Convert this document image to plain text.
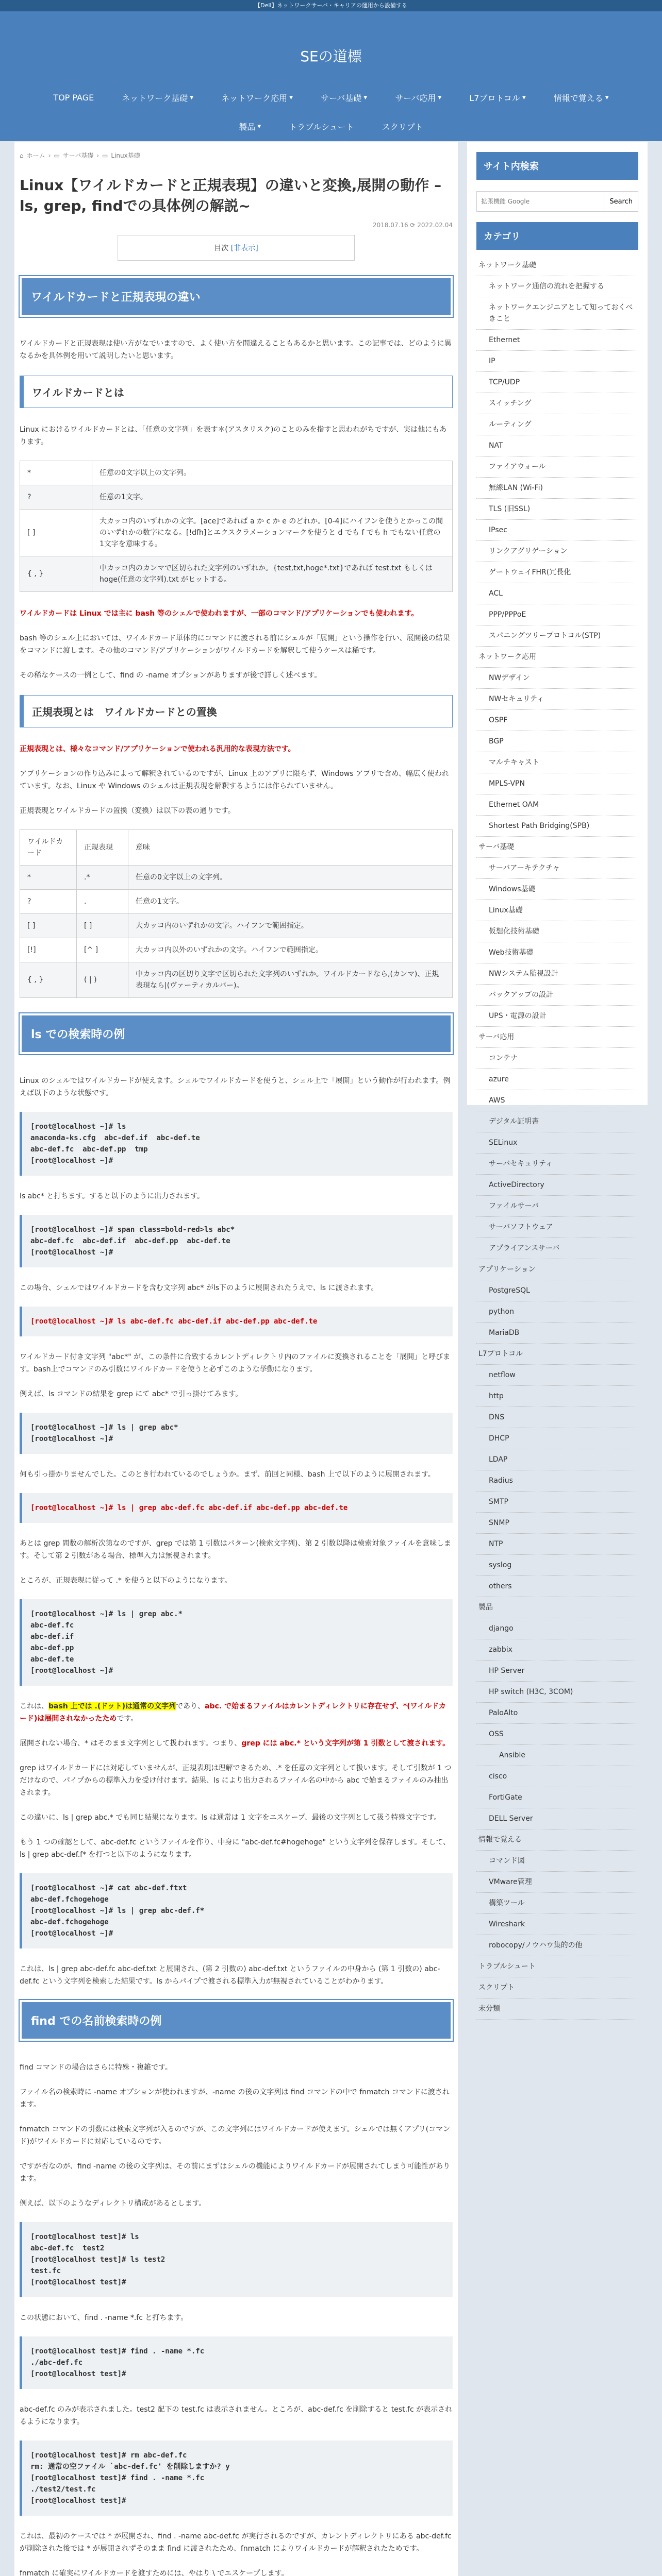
【Dell】ネットワークサーバ・キャリアの運用から設備する
SEの道標
TOP PAGE	ネットワーク基礎 ▼	ネットワーク応用 ▼	サーバ基礎 ▼	サーバ応用 ▼	L7プロトコル ▼	情報で覚える ▼
製品 ▼	トラブルシュート	スクリプト
⌂ ホーム › ▭ サーバ基礎 › ▭ Linux基礎
Linux【ワイルドカードと正規表現】の違いと変換,展開の動作 – ls, grep, findでの具体例の解説~
2018.07.16 ⟳ 2022.02.04
目次 [非表示]
ワイルドカードと正規表現の違い

ワイルドカードと正規表現は使い方がなでいますので、よく使い方を間違えることもあるかと思います。この記事では、どのように異なるかを具体例を用いて説明したいと思います。

ワイルドカードとは

Linux におけるワイルドカードとは、「任意の文字列」を表す＊(アスタリスク)のことのみを指すと思われがちですが、実は他にもあります。

*	任意の0文字以上の文字列。
?	任意の1文字。
[ ]	大カッコ内のいずれかの文字。[ace]であれば a か c か e のどれか。[0-4]にハイフンを使うとかっこの間のいずれかの数字になる。[!dfh]とエクスクラメーションマークを使うと d でも f でも h でもない任意の1文字を意味する。
{ , }	中カッコ内のカンマで区切られた文字列のいずれか。{test,txt,hoge*.txt}であれば test.txt もしくは hoge(任意の文字列).txt がヒットする。

ワイルドカードは Linux では主に bash 等のシェルで使われますが、一部のコマンド/アプリケーションでも使われます。

bash 等のシェル上においては、ワイルドカード単体的にコマンドに渡される前にシェルが「展開」という操作を行い、展開後の結果をコマンドに渡します。その他のコマンド/アプリケーションがワイルドカードを解釈して使うケースは稀です。

その稀なケースの一例として、find の -name オプションがありますが後で詳しく述べます。

正規表現とは　ワイルドカードとの置換

正規表現とは、様々なコマンド/アプリケーションで使われる汎用的な表現方法です。

アプリケーションの作り込みによって解釈されているのですが、Linux 上のアプリに限らず、Windows アプリで含め、幅広く使われています。なお、Linux や Windows のシェルは正規表現を解釈するようには作られていません。

正規表現とワイルドカードの置換（変換）は以下の表の通りです。

ワイルドカード	正規表現	意味
*	.*	任意の0文字以上の文字列。
?	.	任意の1文字。
[ ]	[ ]	大カッコ内のいずれかの文字。ハイフンで範囲指定。
[!]	[^ ]	大カッコ内以外のいずれかの文字。ハイフンで範囲指定。
{ , }	( | )	中カッコ内の区切り文字で区切られた文字列のいずれか。ワイルドカードなら,(カンマ)、正規表現なら|(ヴァーティカルバー)。
ls での検索時の例

Linux のシェルではワイルドカードが使えます。シェルでワイルドカードを使うと、シェル上で「展開」という動作が行われます。例えば以下のような状態です。

[root@localhost ~]# ls
anaconda-ks.cfg  abc-def.if  abc-def.te
abc-def.fc  abc-def.pp  tmp
[root@localhost ~]#

ls abc* と打ちます。すると以下のように出力されます。

[root@localhost ~]# span class=bold-red>ls abc*
abc-def.fc  abc-def.if  abc-def.pp  abc-def.te
[root@localhost ~]#

この場合、シェルではワイルドカードを含む文字列 abc* がls下のように展開されたうえで、ls に渡されます。

[root@localhost ~]# ls abc-def.fc abc-def.if abc-def.pp abc-def.te

ワイルドカード付き文字列 "abc*" が、この条件に合致するカレントディレクトリ内のファイルに変換されることを「展開」と呼びます。bash上でコマンドのみ引数にワイルドカードを使うと必ずこのような挙動になります。

例えば、ls コマンドの結果を grep にて abc* で引っ掛けてみます。

[root@localhost ~]# ls | grep abc*
[root@localhost ~]#

何も引っ掛かりませんでした。このとき行われているのでしょうか。まず、前回と同様、bash 上で以下のように展開されます。

[root@localhost ~]# ls | grep abc-def.fc abc-def.if abc-def.pp abc-def.te

あとは grep 間数の解析次第なのですが、grep では第 1 引数はパターン(検索文字列)、第 2 引数以降は検索対象ファイルを意味します。そして第 2 引数がある場合、標準入力は無視されます。

ところが、正規表現に従って .* を使うと以下のようになります。

[root@localhost ~]# ls | grep abc.*
abc-def.fc
abc-def.if
abc-def.pp
abc-def.te
[root@localhost ~]#

これは、bash 上では .(ドット)は通常の文字列であり、abc. で始まるファイルはカレントディレクトリに存在せず、*(ワイルドカード)は展開されなかったためです。

展開されない場合、* はそのまま文字列として扱われます。つまり、grep には abc.* という文字列が第 1 引数として渡されます。

grep はワイルドカードには対応していませんが、正規表現は理解できるため、.* を任意の文字列として扱います。そして引数が 1 つだけなので、パイプからの標準入力を受け付けます。結果、ls により出力されるファイル名の中から abc で始まるファイルのみ抽出されます。

この違いに、ls | grep abc.* でも同じ結果になります。ls は通常は 1 文字をエスケープ、最後の文字列として扱う特殊文字です。

もう 1 つの確認として、abc-def.fc というファイルを作り、中身に "abc-def.fc#hogehoge" という文字列を保存します。そして、ls | grep abc-def.f* を打つと以下のようになります。

[root@localhost ~]# cat abc-def.ftxt
abc-def.fchogehoge
[root@localhost ~]# ls | grep abc-def.f*
abc-def.fchogehoge
[root@localhost ~]#

これは、ls | grep abc-def.fc abc-def.txt と展開され、(第 2 引数の) abc-def.txt というファイルの中身から (第 1 引数の) abc-def.fc という文字列を検索した結果です。ls からパイプで渡される標準入力が無視されていることがわかります。

find での名前検索時の例

find コマンドの場合はさらに特殊・複雑です。

ファイル名の検索時に -name オプションが使われますが、-name の後の文字列は find コマンドの中で fnmatch コマンドに渡されます。

fnmatch コマンドの引数には検索文字列が入るのですが、この文字列にはワイルドカードが使えます。シェルでは無くアプリ(コマンド)がワイルドカードに対応しているのです。

ですが否なのが、find -name の後の文字列は、その前にまずはシェルの機能によりワイルドカードが展開されてしまう可能性があります。

例えば、以下のようなディレクトリ構成があるとします。

[root@localhost test]# ls
abc-def.fc  test2
[root@localhost test]# ls test2
test.fc
[root@localhost test]#

この状態において、find . -name *.fc と打ちます。

[root@localhost test]# find . -name *.fc
./abc-def.fc
[root@localhost test]#

abc-def.fc のみが表示されました。test2 配下の test.fc は表示されません。ところが、abc-def.fc を削除すると test.fc が表示されるようになります。

[root@localhost test]# rm abc-def.fc
rm: 通常の空ファイル `abc-def.fc' を削除しますか? y
[root@localhost test]# find . -name *.fc
./test2/test.fc
[root@localhost test]#

これは、最初のケースでは * が展開され、find . -name abc-def.fc が実行されるのですが、カレントディレクトリにある abc-def.fc が削除された後では * が展開されずそのまま find に渡されたため、fnmatch によりワイルドカードが解釈されたためです。

fnmatch に確実にワイルドカードを渡すためには、やはり \ でエスケープします。

サイト内検索
拡張機能 Google
Search
カテゴリ
ネットワーク基礎
ネットワーク通信の流れを把握する
ネットワークエンジニアとして知っておくべきこと
Ethernet
IP
TCP/UDP
スイッチング
ルーティング
NAT
ファイアウォール
無線LAN (Wi-Fi)
TLS (旧SSL)
IPsec
リンクアグリゲーション
ゲートウェイFHR(冗長化
ACL
PPP/PPPoE
スパニングツリープロトコル(STP)
ネットワーク応用
NWデザイン
NWセキュリティ
OSPF
BGP
マルチキャスト
MPLS-VPN
Ethernet OAM
Shortest Path Bridging(SPB)
サーバ基礎
サーバアーキテクチャ
Windows基礎
Linux基礎
仮想化技術基礎
Web技術基礎
NWシステム監視設計
バックアップの設計
UPS・電源の設計
サーバ応用
コンテナ
azure
AWS
デジタル証明書
SELinux
サーバセキュリティ
ActiveDirectory
ファイルサーバ
サーバソフトウェア
アプライアンスサーバ
アプリケーション
PostgreSQL
python
MariaDB
L7プロトコル
netflow
http
DNS
DHCP
LDAP
Radius
SMTP
SNMP
NTP
syslog
others
製品
django
zabbix
HP Server
HP switch (H3C, 3COM)
PaloAlto
OSS
Ansible
cisco
FortiGate
DELL Server
情報で覚える
コマンド図
VMware管理
構築ツール
Wireshark
robocopy/ノウハウ集的の他
トラブルシュート
スクリプト
未分類
